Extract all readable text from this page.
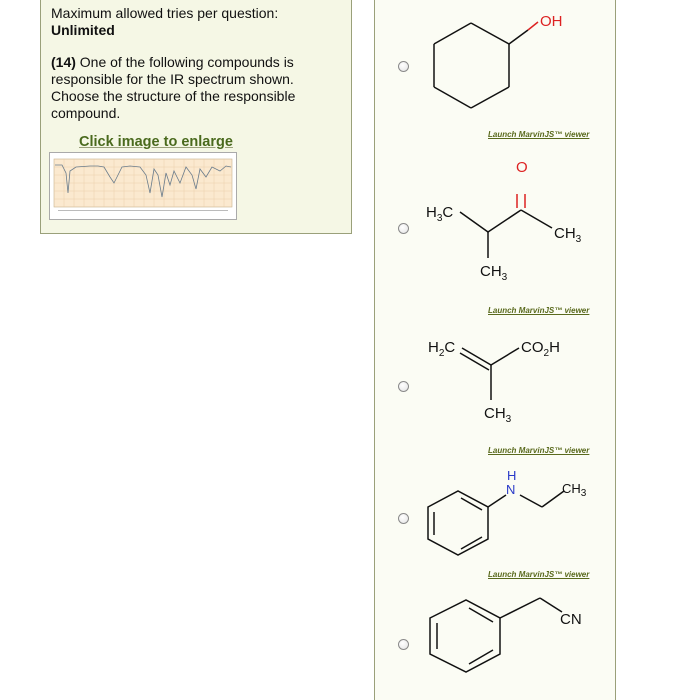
Maximum allowed tries per question:
Unlimited
(14) One of the following compounds is
responsible for the IR spectrum shown.
Choose the structure of the responsible
compound.
Click image to enlarge
OH
Launch MarvinJS™ viewer
$H_3C$
O
$CH_3$
$CH_3$
Launch MarvinJS™ viewer
$H_2C$	$CO_2H$
$CH_3$
Launch MarvinJS™ viewer
H
N	$CH_3$
Launch MarvinJS™ viewer
CN
